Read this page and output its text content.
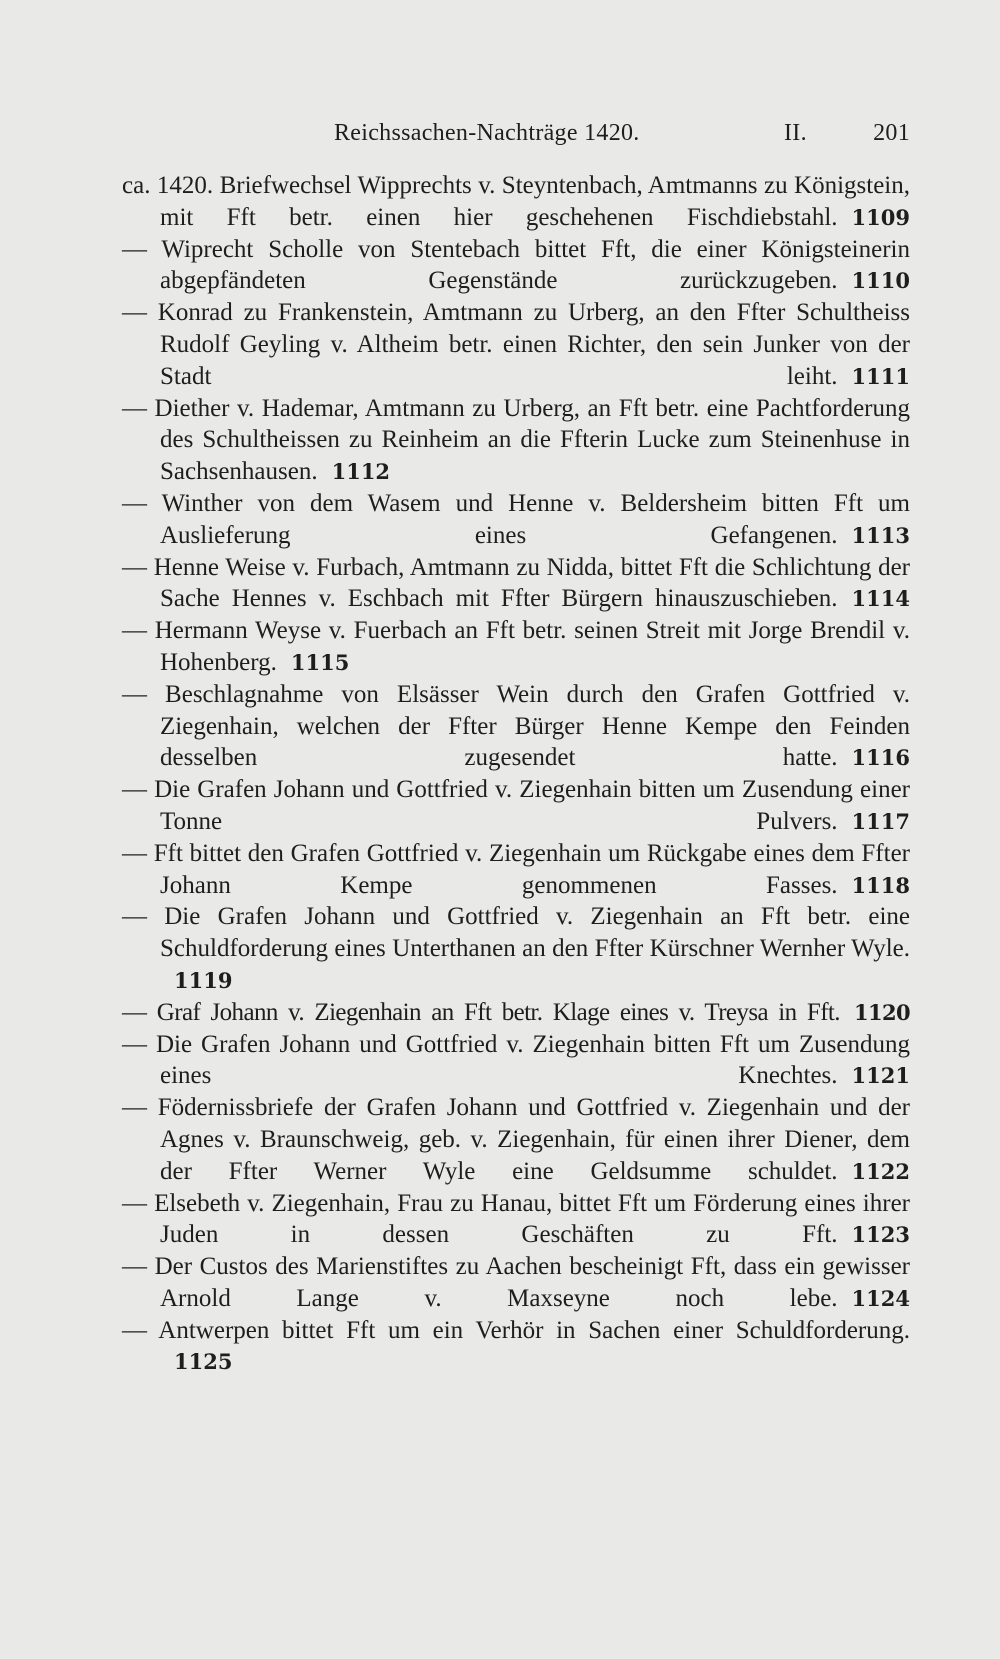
Reichssachen-Nachträge 1420.	II.	201

ca. 1420. Briefwechsel Wipprechts v. Steyntenbach, Amtmanns zu Königstein, mit Fft betr. einen hier geschehenen Fischdiebstahl. 1109

— Wiprecht Scholle von Stentebach bittet Fft, die einer Königsteinerin abgepfändeten Gegenstände zurückzugeben. 1110

— Konrad zu Frankenstein, Amtmann zu Urberg, an den Ffter Schultheiss Rudolf Geyling v. Altheim betr. einen Richter, den sein Junker von der Stadt leiht. 1111

— Diether v. Hademar, Amtmann zu Urberg, an Fft betr. eine Pachtforderung des Schultheissen zu Reinheim an die Ffterin Lucke zum Steinenhuse in Sachsenhausen. 1112

— Winther von dem Wasem und Henne v. Beldersheim bitten Fft um Auslieferung eines Gefangenen. 1113

— Henne Weise v. Furbach, Amtmann zu Nidda, bittet Fft die Schlichtung der Sache Hennes v. Eschbach mit Ffter Bürgern hinauszuschieben. 1114

— Hermann Weyse v. Fuerbach an Fft betr. seinen Streit mit Jorge Brendil v. Hohenberg. 1115

— Beschlagnahme von Elsässer Wein durch den Grafen Gottfried v. Ziegenhain, welchen der Ffter Bürger Henne Kempe den Feinden desselben zugesendet hatte. 1116

— Die Grafen Johann und Gottfried v. Ziegenhain bitten um Zusendung einer Tonne Pulvers. 1117

— Fft bittet den Grafen Gottfried v. Ziegenhain um Rückgabe eines dem Ffter Johann Kempe genommenen Fasses. 1118

— Die Grafen Johann und Gottfried v. Ziegenhain an Fft betr. eine Schuldforderung eines Unterthanen an den Ffter Kürschner Wernher Wyle.1119

— Graf Johann v. Ziegenhain an Fft betr. Klage eines v. Treysa in Fft. 1120

— Die Grafen Johann und Gottfried v. Ziegenhain bitten Fft um Zusendung eines Knechtes. 1121

— Födernissbriefe der Grafen Johann und Gottfried v. Ziegenhain und der Agnes v. Braunschweig, geb. v. Ziegenhain, für einen ihrer Diener, dem der Ffter Werner Wyle eine Geldsumme schuldet. 1122

— Elsebeth v. Ziegenhain, Frau zu Hanau, bittet Fft um Förderung eines ihrer Juden in dessen Geschäften zu Fft. 1123

— Der Custos des Marienstiftes zu Aachen bescheinigt Fft, dass ein gewisser Arnold Lange v. Maxseyne noch lebe. 1124

— Antwerpen bittet Fft um ein Verhör in Sachen einer Schuldforderung.1125
